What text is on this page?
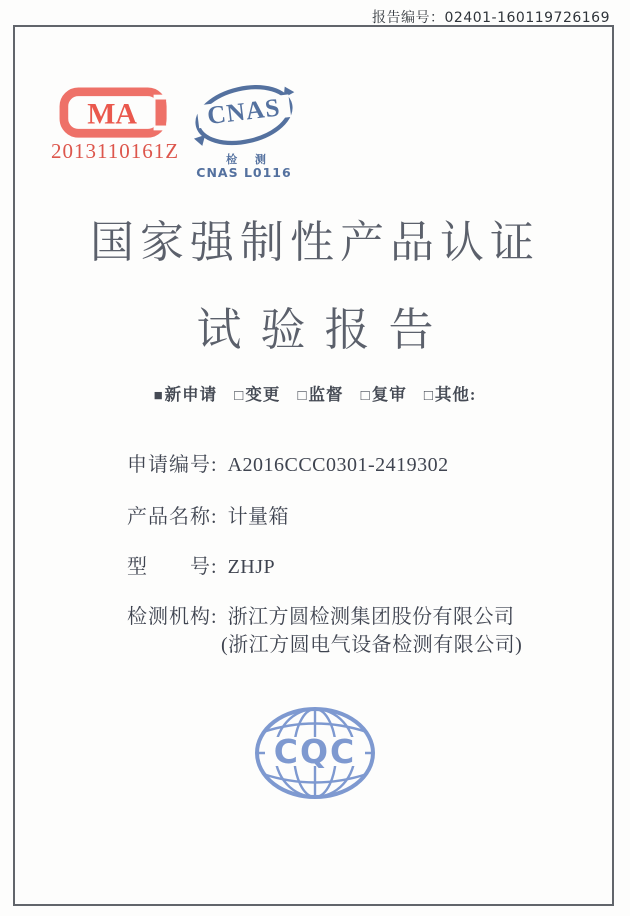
报告编号：02401-160119726169
MA
2013110161Z
CNAS
检 测
CNAS L0116
国家强制性产品认证
试验报告
■新申请 □变更 □监督 □复审 □其他:
申请编号: A2016CCC0301-2419302
产品名称: 计量箱
型　　号: ZHJP
检测机构: 浙江方圆检测集团股份有限公司
(浙江方圆电气设备检测有限公司)
CQC
